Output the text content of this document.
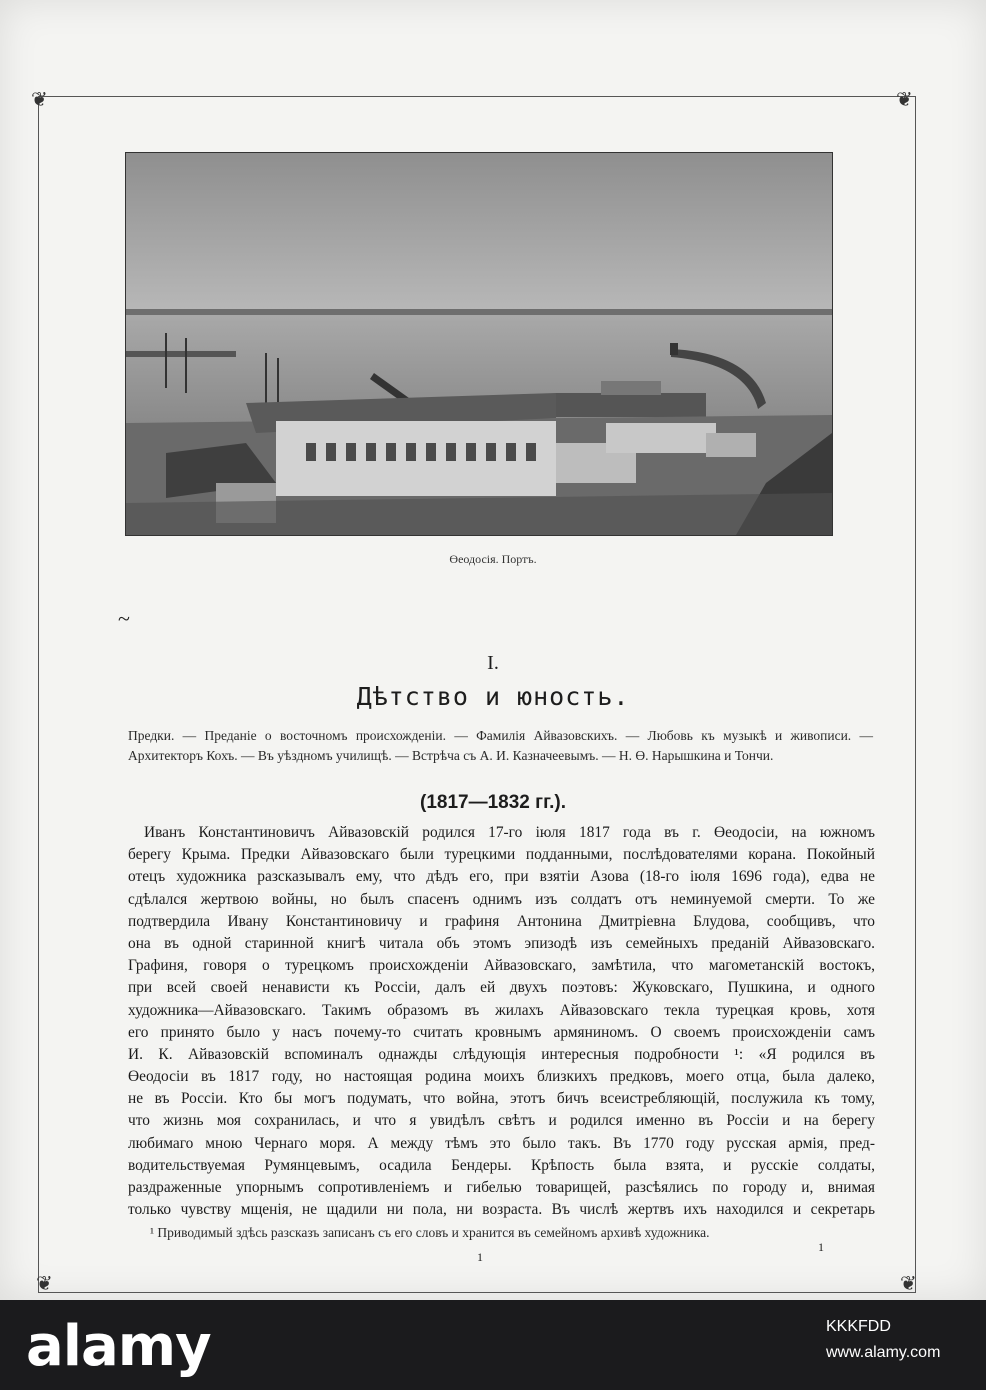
❦	❦
❦	❦
~
Өеодосія. Портъ.
I.
Дѣтство и юность.
Предки. — Преданіе о восточномъ происхожденіи. — Фамилія Айвазовскихъ. — Любовь къ музыкѣ и живописи. — Архитекторъ Кохъ. — Въ уѣздномъ училищѣ. — Встрѣча съ А. И. Казначеевымъ. — Н. Ө. Нарышкина и Тончи.
(1817—1832 гг.).
Иванъ Константиновичъ Айвазовскій родился 17-го іюля 1817 года въ г. Өеодосіи, на южномъ
берегу Крыма. Предки Айвазовскаго были турецкими подданными, послѣдователями корана. Покойный
отецъ художника разсказывалъ ему, что дѣдъ его, при взятіи Азова (18-го іюля 1696 года), едва не
сдѣлался жертвою войны, но былъ спасенъ однимъ изъ солдатъ отъ неминуемой смерти. То же
подтвердила Ивану Константиновичу и графиня Антонина Дмитріевна Блудова, сообщивъ, что
она въ одной старинной книгѣ читала объ этомъ эпизодѣ изъ семейныхъ преданій Айвазовскаго.
Графиня, говоря о турецкомъ происхожденіи Айвазовскаго, замѣтила, что магометанскій востокъ,
при всей своей ненависти къ Россіи, далъ ей двухъ поэтовъ: Жуковскаго, Пушкина, и одного
художника—Айвазовскаго. Такимъ образомъ въ жилахъ Айвазовскаго текла турецкая кровь, хотя
его принято было у насъ почему-то считать кровнымъ армяниномъ. О своемъ происхожденіи самъ
И. К. Айвазовскій вспоминалъ однажды слѣдующія интересныя подробности ¹: «Я родился въ
Өеодосіи въ 1817 году, но настоящая родина моихъ близкихъ предковъ, моего отца, была далеко,
не въ Россіи. Кто бы могъ подумать, что война, этотъ бичъ всеистребляющій, послужила къ тому,
что жизнь моя сохранилась, и что я увидѣлъ свѣтъ и родился именно въ Россіи и на берегу
любимаго мною Чернаго моря. А между тѣмъ это было такъ. Въ 1770 году русская армія, пред-
водительствуемая Румянцевымъ, осадила Бендеры. Крѣпость была взята, и русскіе солдаты,
раздраженные упорнымъ сопротивленіемъ и гибелью товарищей, разсѣялись по городу и, внимая
только чувству мщенія, не щадили ни пола, ни возраста. Въ числѣ жертвъ ихъ находился и секретарь
¹ Приводимый здѣсь разсказъ записанъ съ его словъ и хранится въ семейномъ архивѣ художника.
1
1
alamy	KKKFDD
www.alamy.com
